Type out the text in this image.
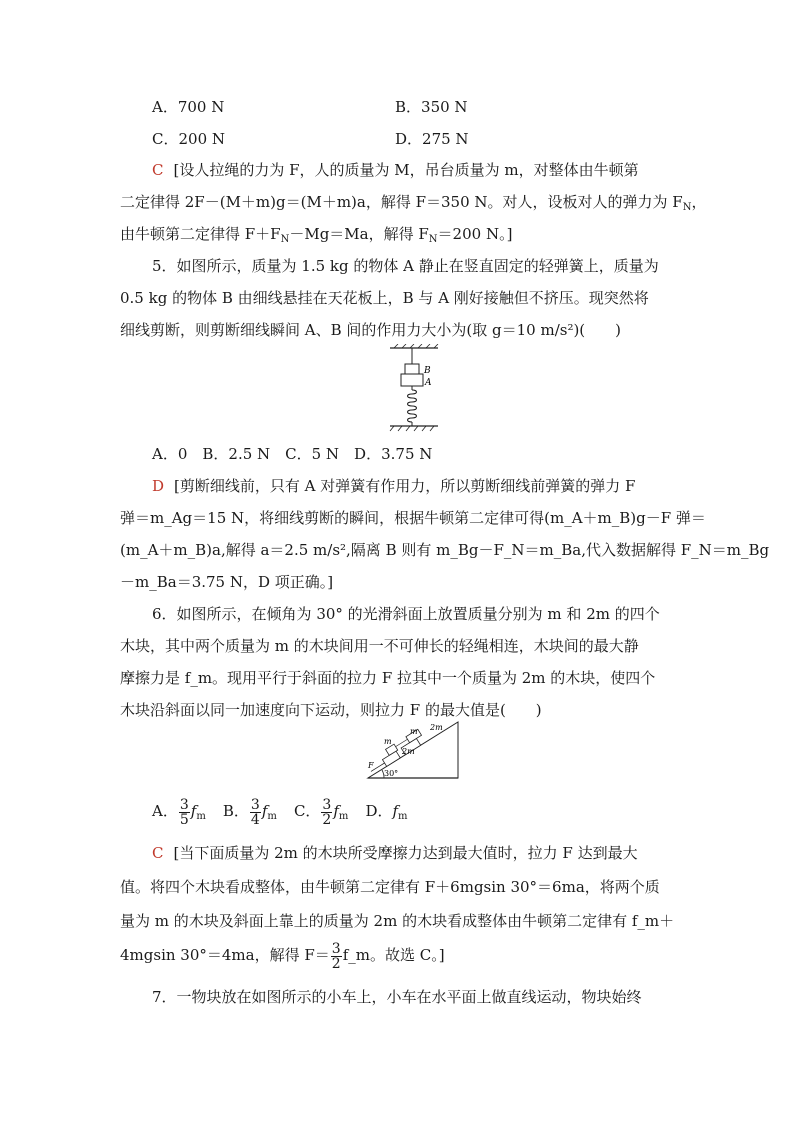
A．700 N	B．350 N
C．200 N	D．275 N
C [设人拉绳的力为 F，人的质量为 M，吊台质量为 m，对整体由牛顿第
二定律得 2F－(M＋m)g＝(M＋m)a，解得 F＝350 N。对人，设板对人的弹力为 $F_N$，
由牛顿第二定律得 $F+F_N-Mg=Ma$，解得 $F_N=200$ N。]
5．如图所示，质量为 1.5 kg 的物体 A 静止在竖直固定的轻弹簧上，质量为
0.5 kg 的物体 B 由细线悬挂在天花板上，B 与 A 刚好接触但不挤压。现突然将
细线剪断，则剪断细线瞬间 A、B 间的作用力大小为(取 g＝10 m/s²)(　　)
B
A
A．0　B．2.5 N　C．5 N　D．3.75 N
D [剪断细线前，只有 A 对弹簧有作用力，所以剪断细线前弹簧的弹力 F
弹＝m_Ag＝15 N，将细线剪断的瞬间，根据牛顿第二定律可得(m_A＋m_B)g－F 弹＝
(m_A＋m_B)a,解得 a＝2.5 m/s²,隔离 B 则有 m_Bg－F_N＝m_Ba,代入数据解得 F_N＝m_Bg
－m_Ba＝3.75 N，D 项正确。]
6．如图所示，在倾角为 30° 的光滑斜面上放置质量分别为 m 和 2m 的四个
木块，其中两个质量为 m 的木块间用一不可伸长的轻绳相连，木块间的最大静
摩擦力是 f_m。现用平行于斜面的拉力 F 拉其中一个质量为 2m 的木块，使四个
木块沿斜面以同一加速度向下运动，则拉力 F 的最大值是(　　)
30°
F
m
2m
m 2m
A． $\frac{3}{5} f_m$   B． $\frac{3}{4} f_m$   C． $\frac{3}{2} f_m$   D．$f_m$
C [当下面质量为 2m 的木块所受摩擦力达到最大值时，拉力 F 达到最大
值。将四个木块看成整体，由牛顿第二定律有 F＋6mgsin 30°＝6ma，将两个质
量为 m 的木块及斜面上靠上的质量为 2m 的木块看成整体由牛顿第二定律有 f_m＋
4mgsin 30°＝4ma，解得 $F= \frac{3}{2}$ f_m。故选 C。]
7．一物块放在如图所示的小车上，小车在水平面上做直线运动，物块始终
